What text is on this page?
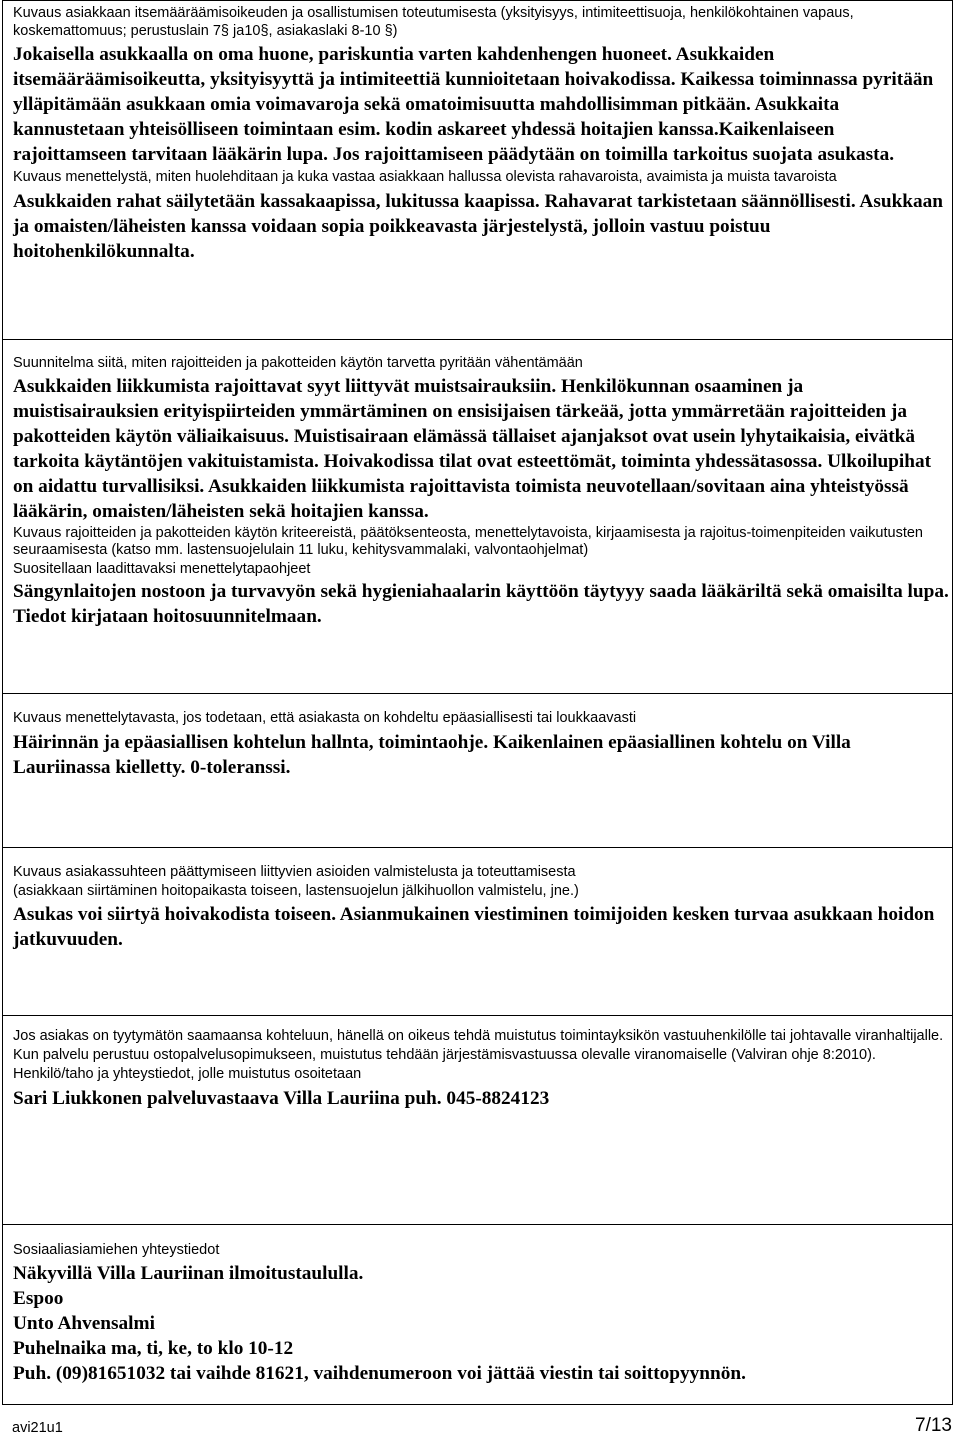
Kuvaus asiakkaan itsemääräämisoikeuden ja osallistumisen toteutumisesta (yksityisyys, intimiteettisuoja, henkilökohtainen vapaus, koskemattomuus; perustuslain 7§ ja10§, asiakaslaki 8-10 §)

Jokaisella asukkaalla on oma huone, pariskuntia varten kahdenhengen huoneet. Asukkaiden itsemääräämisoikeutta, yksityisyyttä ja intimiteettiä kunnioitetaan hoivakodissa. Kaikessa toiminnassa pyritään ylläpitämään asukkaan omia voimavaroja sekä omatoimisuutta mahdollisimman pitkään. Asukkaita kannustetaan yhteisölliseen toimintaan esim. kodin askareet yhdessä hoitajien kanssa.Kaikenlaiseen rajoittamseen tarvitaan lääkärin lupa. Jos rajoittamiseen päädytään on toimilla tarkoitus suojata asukasta.

Kuvaus menettelystä, miten huolehditaan ja kuka vastaa asiakkaan hallussa olevista rahavaroista, avaimista ja muista tavaroista

Asukkaiden rahat säilytetään kassakaapissa, lukitussa kaapissa. Rahavarat tarkistetaan säännöllisesti. Asukkaan ja omaisten/läheisten kanssa voidaan sopia poikkeavasta järjestelystä, jolloin vastuu poistuu hoitohenkilökunnalta.

Suunnitelma siitä, miten rajoitteiden ja pakotteiden käytön tarvetta pyritään vähentämään

Asukkaiden liikkumista rajoittavat syyt liittyvät muistsairauksiin. Henkilökunnan osaaminen ja muistisairauksien erityispiirteiden ymmärtäminen on ensisijaisen tärkeää, jotta ymmärretään rajoitteiden ja pakotteiden käytön väliaikaisuus. Muistisairaan elämässä tällaiset ajanjaksot ovat usein lyhytaikaisia, eivätkä tarkoita käytäntöjen vakituistamista. Hoivakodissa tilat ovat esteettömät, toiminta yhdessätasossa. Ulkoilupihat on aidattu turvallisiksi. Asukkaiden liikkumista rajoittavista toimista neuvotellaan/sovitaan aina yhteistyössä lääkärin, omaisten/läheisten sekä hoitajien kanssa.

Kuvaus rajoitteiden ja pakotteiden käytön kriteereistä, päätöksenteosta, menettelytavoista, kirjaamisesta ja rajoitus-toimenpiteiden vaikutusten seuraamisesta (katso mm. lastensuojelulain 11 luku, kehitysvammalaki, valvontaohjelmat)

Suositellaan laadittavaksi menettelytapaohjeet

Sängynlaitojen nostoon ja turvavyön sekä hygieniahaalarin käyttöön täytyyy saada lääkäriltä sekä omaisilta lupa. Tiedot kirjataan hoitosuunnitelmaan.

Kuvaus menettelytavasta, jos todetaan, että asiakasta on kohdeltu epäasiallisesti tai loukkaavasti

Häirinnän ja epäasiallisen kohtelun hallnta, toimintaohje. Kaikenlainen epäasiallinen kohtelu on Villa Lauriinassa kielletty. 0-toleranssi.

Kuvaus asiakassuhteen päättymiseen liittyvien asioiden valmistelusta ja toteuttamisesta

(asiakkaan siirtäminen hoitopaikasta toiseen, lastensuojelun jälkihuollon valmistelu, jne.)

Asukas voi siirtyä hoivakodista toiseen. Asianmukainen viestiminen toimijoiden kesken turvaa asukkaan hoidon jatkuvuuden.

Jos asiakas on tyytymätön saamaansa kohteluun, hänellä on oikeus tehdä muistutus toimintayksikön vastuuhenkilölle tai johtavalle viranhaltijalle. Kun palvelu perustuu ostopalvelusopimukseen, muistutus tehdään järjestämisvastuussa olevalle viranomaiselle (Valviran ohje 8:2010).

Henkilö/taho ja yhteystiedot, jolle muistutus osoitetaan

Sari Liukkonen palveluvastaava Villa Lauriina puh. 045-8824123

Sosiaaliasiamiehen yhteystiedot

Näkyvillä Villa Lauriinan ilmoitustaululla.

Espoo

Unto Ahvensalmi

Puhelnaika ma, ti, ke, to klo 10-12

Puh. (09)81651032 tai vaihde 81621, vaihdenumeroon voi jättää viestin tai soittopyynnön.

avi21u1	7/13
